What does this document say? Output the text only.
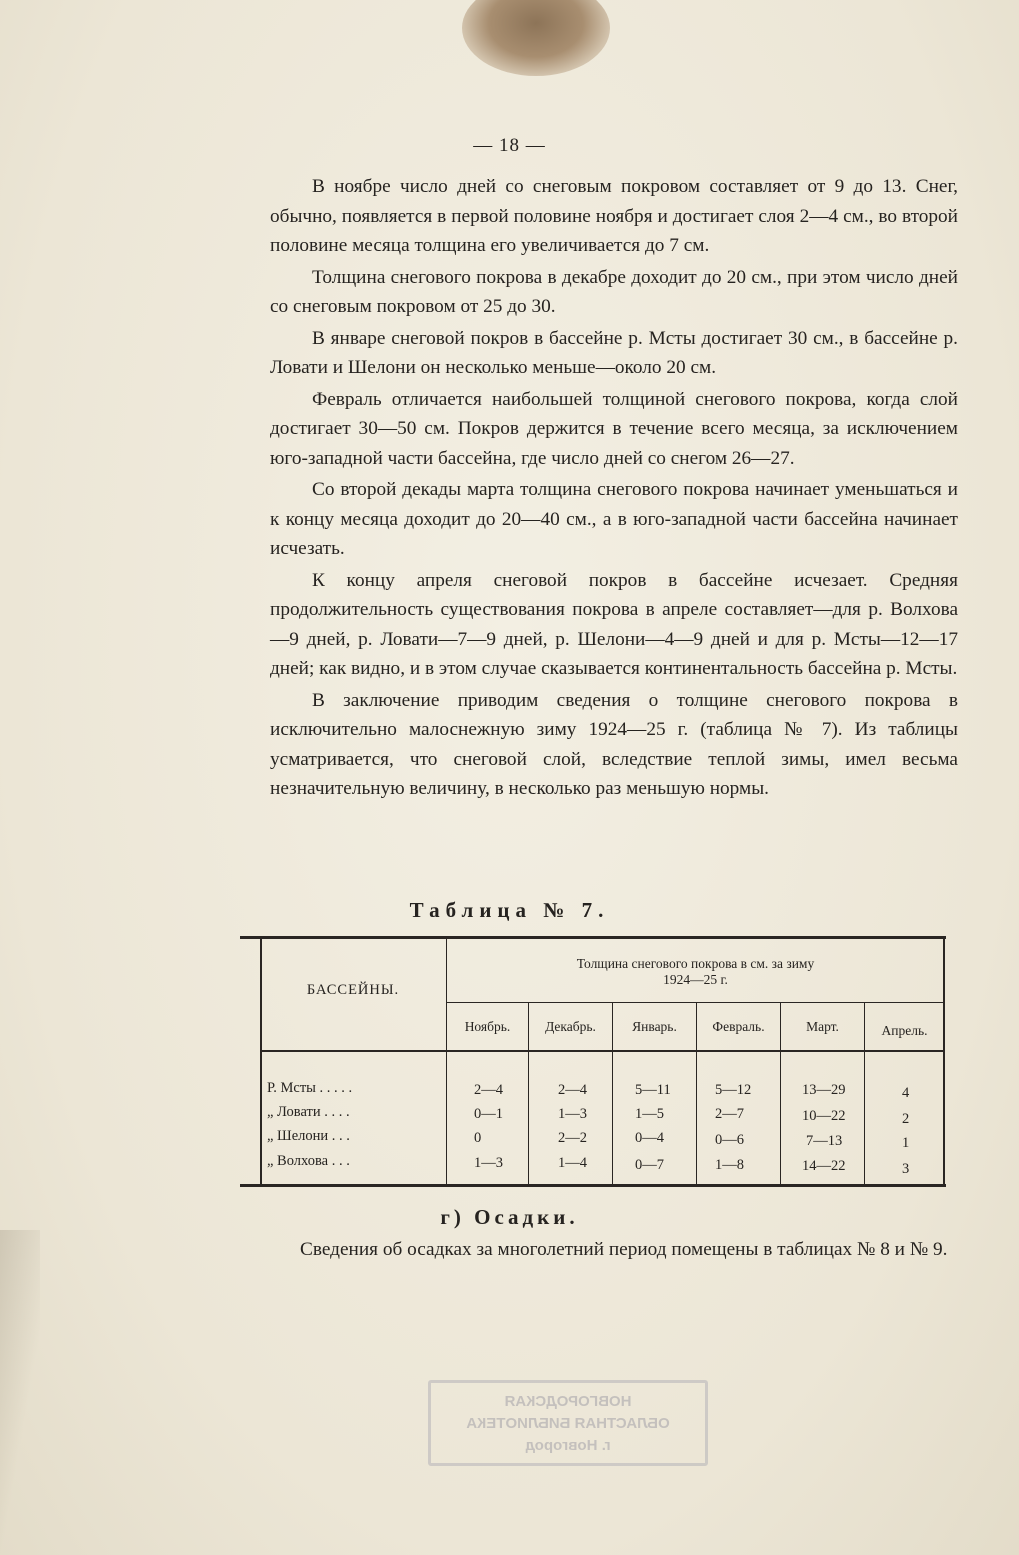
— 18 —

В ноябре число дней со снеговым покровом составляет от 9 до 13. Снег, обычно, появляется в первой половине ноября и достигает слоя 2—4 см., во второй половине месяца толщина его увеличивается до 7 см.

Толщина снегового покрова в декабре доходит до 20 см., при этом число дней со снеговым покровом от 25 до 30.

В январе снеговой покров в бассейне р. Мсты достигает 30 см., в бассейне р. Ловати и Шелони он несколько меньше—около 20 см.

Февраль отличается наибольшей толщиной снегового покрова, когда слой достигает 30—50 см. Покров держится в течение всего месяца, за исключением юго-западной части бассейна, где число дней со снегом 26—27.

Со второй декады марта толщина снегового покрова начинает уменьшаться и к концу месяца доходит до 20—40 см., а в юго-западной части бассейна начинает исчезать.

К концу апреля снеговой покров в бассейне исчезает. Средняя продолжительность существования покрова в апреле составляет—для р. Волхова—9 дней, р. Ловати—7—9 дней, р. Шелони—4—9 дней и для р. Мсты—12—17 дней; как видно, и в этом случае сказывается континентальность бассейна р. Мсты.

В заключение приводим сведения о толщине снегового покрова в исключительно малоснежную зиму 1924—25 г. (таблица № 7). Из таблицы усматривается, что снеговой слой, вследствие теплой зимы, имел весьма незначительную величину, в несколько раз меньшую нормы.

Таблица № 7.
БАССЕЙНЫ.
Толщина снегового покрова в см. за зиму
1924—25 г.
Ноябрь.	Декабрь.	Январь.	Февраль.	Март.	Апрель.
Р. Мсты . . . . .	2—4	2—4	5—11	5—12	13—29	4
„ Ловати . . . .	0—1	1—3	1—5	2—7	10—22	2
„ Шелони . . .	0	2—2	0—4	0—6	7—13	1
„ Волхова . . .	1—3	1—4	0—7	1—8	14—22	3
г) Осадки.

Сведения об осадках за многолетний период помещены в таблицах № 8 и № 9.

НОВГОРОДСКАЯ
ОБЛАСТНАЯ БИБЛИОТЕКА
г. Новгород
